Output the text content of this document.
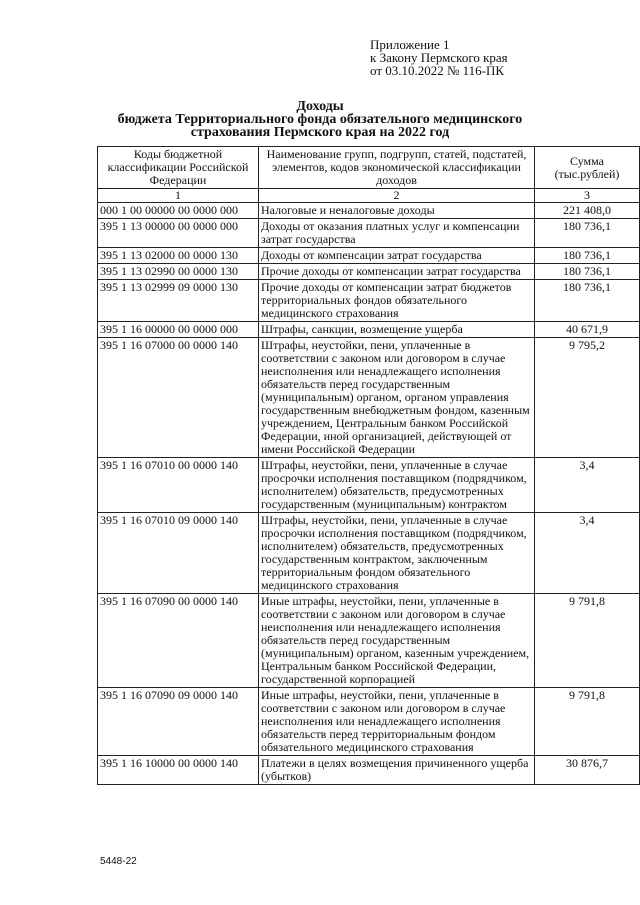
Приложение 1
к Закону Пермского края
от 03.10.2022 № 116-ПК
Доходы
бюджета Территориального фонда обязательного медицинского
страхования Пермского края на 2022 год
Коды бюджетной классификации Российской Федерации	Наименование групп, подгрупп, статей, подстатей, элементов, кодов экономической классификации доходов	Сумма (тыс.рублей)
1	2	3
000 1 00 00000 00 0000 000	Налоговые и неналоговые доходы	221 408,0
395 1 13 00000 00 0000 000	Доходы от оказания платных услуг и компенсации затрат государства	180 736,1
395 1 13 02000 00 0000 130	Доходы от компенсации затрат государства	180 736,1
395 1 13 02990 00 0000 130	Прочие доходы от компенсации затрат государства	180 736,1
395 1 13 02999 09 0000 130	Прочие доходы от компенсации затрат бюджетов территориальных фондов обязательного медицинского страхования	180 736,1
395 1 16 00000 00 0000 000	Штрафы, санкции, возмещение ущерба	40 671,9
395 1 16 07000 00 0000 140	Штрафы, неустойки, пени, уплаченные в соответствии с законом или договором в случае неисполнения или ненадлежащего исполнения обязательств перед государственным (муниципальным) органом, органом управления государственным внебюджетным фондом, казенным учреждением, Центральным банком Российской Федерации, иной организацией, действующей от имени Российской Федерации	9 795,2
395 1 16 07010 00 0000 140	Штрафы, неустойки, пени, уплаченные в случае просрочки исполнения поставщиком (подрядчиком, исполнителем) обязательств, предусмотренных государственным (муниципальным) контрактом	3,4
395 1 16 07010 09 0000 140	Штрафы, неустойки, пени, уплаченные в случае просрочки исполнения поставщиком (подрядчиком, исполнителем) обязательств, предусмотренных государственным контрактом, заключенным территориальным фондом обязательного медицинского страхования	3,4
395 1 16 07090 00 0000 140	Иные штрафы, неустойки, пени, уплаченные в соответствии с законом или договором в случае неисполнения или ненадлежащего исполнения обязательств перед государственным (муниципальным) органом, казенным учреждением, Центральным банком Российской Федерации, государственной корпорацией	9 791,8
395 1 16 07090 09 0000 140	Иные штрафы, неустойки, пени, уплаченные в соответствии с законом или договором в случае неисполнения или ненадлежащего исполнения обязательств перед территориальным фондом обязательного медицинского страхования	9 791,8
395 1 16 10000 00 0000 140	Платежи в целях возмещения причиненного ущерба (убытков)	30 876,7
5448-22
